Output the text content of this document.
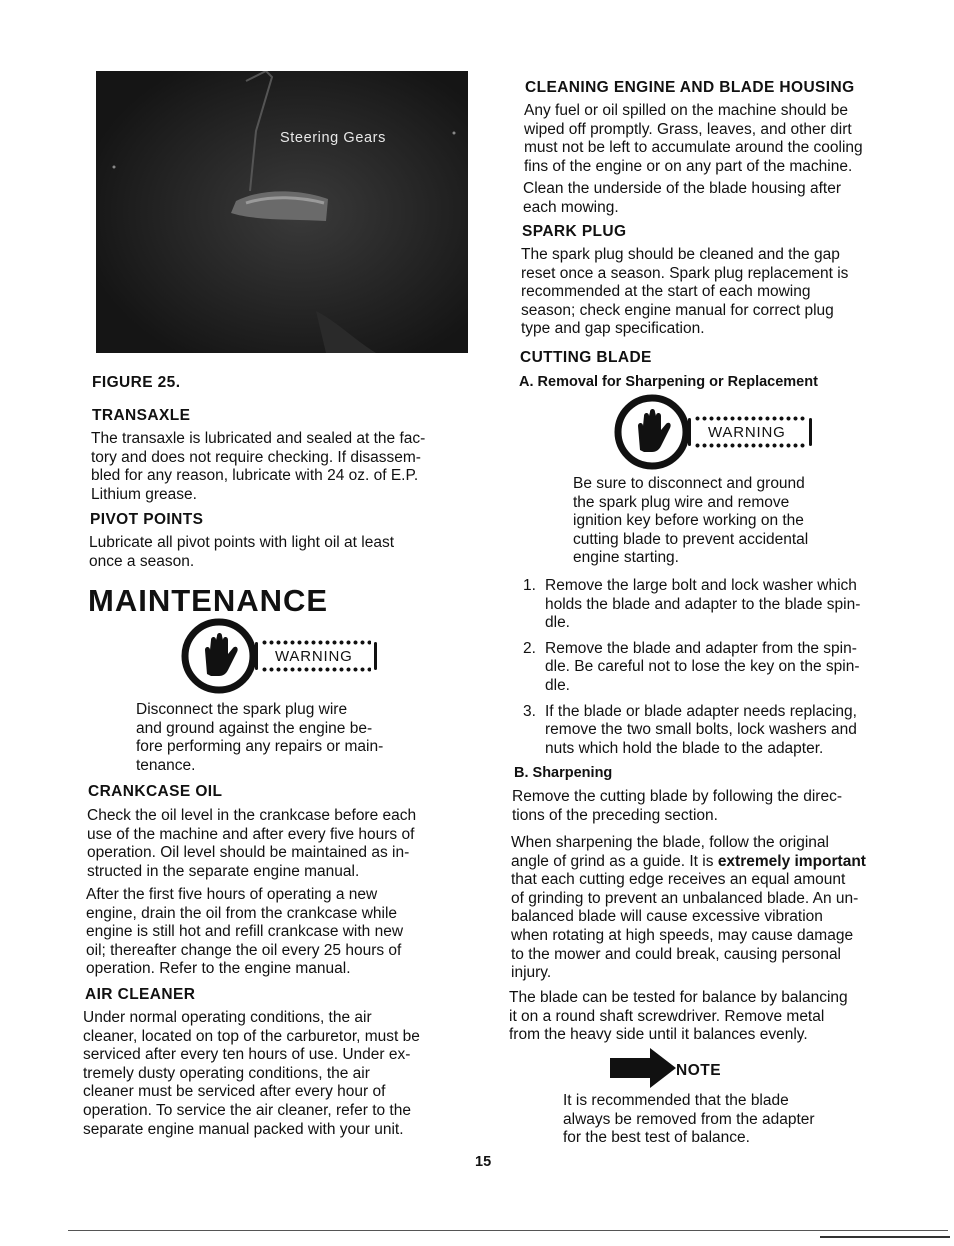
Steering Gears
FIGURE 25.
TRANSAXLE
The transaxle is lubricated and sealed at the fac-
tory and does not require checking. If disassem-
bled for any reason, lubricate with 24 oz. of E.P.
Lithium grease.
PIVOT POINTS
Lubricate all pivot points with light oil at least
once a season.
MAINTENANCE
WARNING
Disconnect the spark plug wire
and ground against the engine be-
fore performing any repairs or main-
tenance.
CRANKCASE OIL
Check the oil level in the crankcase before each
use of the machine and after every five hours of
operation. Oil level should be maintained as in-
structed in the separate engine manual.
After the first five hours of operating a new
engine, drain the oil from the crankcase while
engine is still hot and refill crankcase with new
oil; thereafter change the oil every 25 hours of
operation. Refer to the engine manual.
AIR CLEANER
Under normal operating conditions, the air
cleaner, located on top of the carburetor, must be
serviced after every ten hours of use. Under ex-
tremely dusty operating conditions, the air
cleaner must be serviced after every hour of
operation. To service the air cleaner, refer to the
separate engine manual packed with your unit.
CLEANING ENGINE AND BLADE HOUSING
Any fuel or oil spilled on the machine should be
wiped off promptly. Grass, leaves, and other dirt
must not be left to accumulate around the cooling
fins of the engine or on any part of the machine.
Clean the underside of the blade housing after
each mowing.
SPARK PLUG
The spark plug should be cleaned and the gap
reset once a season. Spark plug replacement is
recommended at the start of each mowing
season; check engine manual for correct plug
type and gap specification.
CUTTING BLADE
A. Removal for Sharpening or Replacement
WARNING
Be sure to disconnect and ground
the spark plug wire and remove
ignition key before working on the
cutting blade to prevent accidental
engine starting.
1. Remove the large bolt and lock washer which
holds the blade and adapter to the blade spin-
dle.
2. Remove the blade and adapter from the spin-
dle. Be careful not to lose the key on the spin-
dle.
3. If the blade or blade adapter needs replacing,
remove the two small bolts, lock washers and
nuts which hold the blade to the adapter.
B. Sharpening
Remove the cutting blade by following the direc-
tions of the preceding section.
When sharpening the blade, follow the original
angle of grind as a guide. It is extremely important
that each cutting edge receives an equal amount
of grinding to prevent an unbalanced blade. An un-
balanced blade will cause excessive vibration
when rotating at high speeds, may cause damage
to the mower and could break, causing personal
injury.
The blade can be tested for balance by balancing
it on a round shaft screwdriver. Remove metal
from the heavy side until it balances evenly.
NOTE
It is recommended that the blade
always be removed from the adapter
for the best test of balance.
15
